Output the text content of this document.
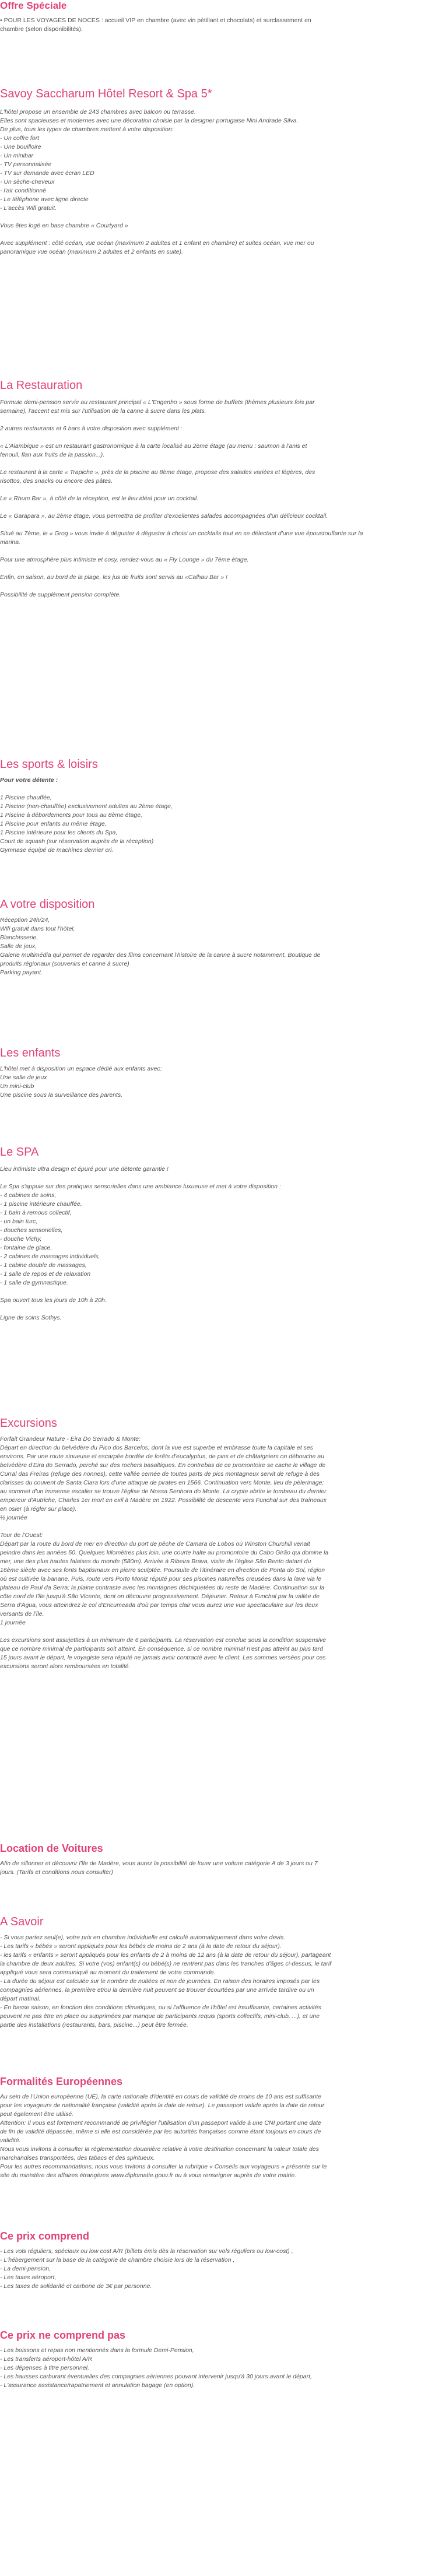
Offre Spéciale
• POUR LES VOYAGES DE NOCES : accueil VIP en chambre (avec vin pétillant et chocolats) et surclassement en
chambre (selon disponibilités).
Savoy Saccharum Hôtel Resort & Spa 5*
L'hôtel propose un ensemble de 243 chambres avec balcon ou terrasse.
Elles sont spacieuses et modernes avec une décoration choisie par la designer portugaise Nini Andrade Silva.
De plus, tous les types de chambres mettent à votre disposition:
- Un coffre fort
- Une bouilloire
- Un minibar
- TV personnalisée
- TV sur demande avec écran LED
- Un sèche-cheveux
- l'air conditionné
- Le téléphone avec ligne directe
- L'accès Wifi gratuit.
Vous êtes logé en base chambre « Courtyard »
Avec supplément : côté océan, vue océan (maximum 2 adultes et 1 enfant en chambre) et suites océan, vue mer ou
panoramique vue océan (maximum 2 adultes et 2 enfants en suite).
La Restauration
Formule demi-pension servie au restaurant principal « L'Engenho » sous forme de buffets (thèmes plusieurs fois par
semaine), l'accent est mis sur l'utilisation de la canne à sucre dans les plats.
2 autres restaurants et 6 bars à votre disposition avec supplément :
« L'Alambique » est un restaurant gastronomique à la carte localisé au 2ème étage (au menu : saumon à l'anis et
fenouil, flan aux fruits de la passion...).
Le restaurant à la carte « Trapiche », près de la piscine au 8ème étage, propose des salades variées et légères, des
risottos, des snacks ou encore des pâtes.
Le « Rhum Bar », à côté de la réception, est le lieu idéal pour un cocktail.
Le « Garapara », au 2ème étage, vous permettra de profiter d'excellentes salades accompagnées d'un délicieux cocktail.
Situé au 7ème, le « Grog » vous invite à déguster à déguster à choisi un cocktails tout en se délectant d'une vue époustouflante sur la
marina.
Pour une atmosphère plus intimiste et cosy, rendez-vous au « Fly Lounge » du 7ème étage.
Enfin, en saison, au bord de la plage, les jus de fruits sont servis au «Calhau Bar » !
Possibilité de supplément pension complète.
Les sports & loisirs
Pour votre détente :
1 Piscine chauffée,
1 Piscine (non-chauffée) exclusivement adultes au 2ème étage,
1 Piscine à débordements pour tous au 8ème étage,
1 Piscine pour enfants au même étage,
1 Piscine intérieure pour les clients du Spa,
Court de squash (sur réservation auprès de la réception)
Gymnase équipé de machines dernier cri.
A votre disposition
Réception 24h/24,
Wifi gratuit dans tout l'hôtel,
Blanchisserie,
Salle de jeux,
Galerie multimédia qui permet de regarder des films concernant l'histoire de la canne à sucre notamment, Boutique de
produits régionaux (souvenirs et canne à sucre)
Parking payant.
Les enfants
L'hôtel met à disposition un espace dédié aux enfants avec:
Une salle de jeux
Un mini-club
Une piscine sous la surveillance des parents.
Le SPA
Lieu intimiste ultra design et épuré pour une détente garantie !
Le Spa s'appuie sur des pratiques sensorielles dans une ambiance luxueuse et met à votre disposition :
- 4 cabines de soins,
- 1 piscine intérieure chauffée,
- 1 bain à remous collectif,
- un bain turc,
- douches sensorielles,
- douche Vichy,
- fontaine de glace,
- 2 cabines de massages individuels,
- 1 cabine double de massages,
- 1 salle de repos et de relaxation
- 1 salle de gymnastique.
Spa ouvert tous les jours de 10h à 20h.
Ligne de soins Sothys.
Excursions
Forfait Grandeur Nature - Eira Do Serrado & Monte:
Départ en direction du belvédère du Pico dos Barcelos, dont la vue est superbe et embrasse toute la capitale et ses
environs. Par une route sinueuse et escarpée bordée de forêts d'eucalyptus, de pins et de châtaigniers on débouche au
belvédère d'Eira do Serrado, perché sur des rochers basaltiques. En contrebas de ce promontoire se cache le village de
Curral das Freiras (refuge des nonnes), cette vallée cernée de toutes parts de pics montagneux servit de refuge à des
clarisses du couvent de Santa Clara lors d'une attaque de pirates en 1566. Continuation vers Monte, lieu de pèlerinage;
au sommet d'un immense escalier se trouve l'église de Nossa Senhora do Monte. La crypte abrite le tombeau du dernier
empereur d'Autriche, Charles 1er mort en exil à Madère en 1922. Possibilité de descente vers Funchal sur des traîneaux
en osier (à régler sur place).
½ journée
Tour de l'Ouest:
Départ par la route du bord de mer en direction du port de pêche de Camara de Lobos où Winston Churchill venait
peindre dans les années 50. Quelques kilomètres plus loin, une courte halte au promontoire du Cabo Girão qui domine la
mer, une des plus hautes falaises du monde (580m). Arrivée à Ribeira Brava, visite de l'église São Bento datant du
16ème siècle avec ses fonts baptismaux en pierre sculptée. Poursuite de l'itinéraire en direction de Ponta do Sol, région
où est cultivée la banane. Puis, route vers Porto Moniz réputé pour ses piscines naturelles creusées dans la lave via le
plateau de Paul da Serra; la plaine contraste avec les montagnes déchiquetées du reste de Madère. Continuation sur la
côte nord de l'île jusqu'à São Vicente, dont on découvre progressivement. Déjeuner. Retour à Funchal par la vallée de
Serra d'Água, vous atteindrez le col d'Encumeada d'où par temps clair vous aurez une vue spectaculaire sur les deux
versants de l'île.
1 journée
Les excursions sont assujetties à un minimum de 6 participants. La réservation est conclue sous la condition suspensive
que ce nombre minimal de participants soit atteint. En conséquence, si ce nombre minimal n'est pas atteint au plus tard
15 jours avant le départ, le voyagiste sera réputé ne jamais avoir contracté avec le client. Les sommes versées pour ces
excursions seront alors remboursées en totalité.
Location de Voitures
Afin de sillonner et découvrir l'île de Madère, vous aurez la possibilité de louer une voiture catégorie A de 3 jours ou 7
jours. (Tarifs et conditions nous consulter)
A Savoir
- Si vous partez seul(e), votre prix en chambre individuelle est calculé automatiquement dans votre devis.
- Les tarifs « bébés » seront appliqués pour les bébés de moins de 2 ans (à la date de retour du séjour).
- les tarifs « enfants » seront appliqués pour les enfants de 2 à moins de 12 ans (à la date de retour du séjour), partageant
la chambre de deux adultes. Si votre (vos) enfant(s) ou bébé(s) ne rentrent pas dans les tranches d'âges ci-dessus, le tarif
appliqué vous sera communiqué au moment du traitement de votre commande.
- La durée du séjour est calculée sur le nombre de nuitées et non de journées. En raison des horaires imposés par les
compagnies aériennes, la première et/ou la dernière nuit peuvent se trouver écourtées par une arrivée tardive ou un
départ matinal.
- En basse saison, en fonction des conditions climatiques, ou si l'affluence de l'hôtel est insuffisante, certaines activités
peuvent ne pas être en place ou supprimées par manque de participants requis (sports collectifs, mini-club, ...), et une
partie des installations (restaurants, bars, piscine...) peut être fermée.
Formalités Européennes
Au sein de l'Union européenne (UE), la carte nationale d'identité en cours de validité de moins de 10 ans est suffisante
pour les voyageurs de nationalité française (validité après la date de retour). Le passeport valide après la date de retour
peut également être utilisé.
Attention: Il vous est fortement recommandé de privilégier l'utilisation d'un passeport valide à une CNI portant une date
de fin de validité dépassée, même si elle est considérée par les autorités françaises comme étant toujours en cours de
validité.
Nous vous invitons à consulter la réglementation douanière relative à votre destination concernant la valeur totale des
marchandises transportées, des tabacs et des spiritueux.
Pour les autres recommandations, nous vous invitons à consulter la rubrique « Conseils aux voyageurs » présente sur le
site du ministère des affaires étrangères www.diplomatie.gouv.fr ou à vous renseigner auprès de votre mairie.
Ce prix comprend
- Les vols réguliers, spéciaux ou low cost A/R (billets émis dès la réservation sur vols réguliers ou low-cost) ,
- L'hébergement sur la base de la catégorie de chambre choisie lors de la réservation ,
- La demi-pension,
- Les taxes aéroport,
- Les taxes de solidarité et carbone de 3€ par personne.
Ce prix ne comprend pas
- Les boissons et repas non mentionnés dans la formule Demi-Pension,
- Les transferts aéroport-hôtel A/R
- Les dépenses à titre personnel,
- Les hausses carburant éventuelles des compagnies aériennes pouvant intervenir jusqu'à 30 jours avant le départ,
- L'assurance assistance/rapatriement et annulation bagage (en option).
